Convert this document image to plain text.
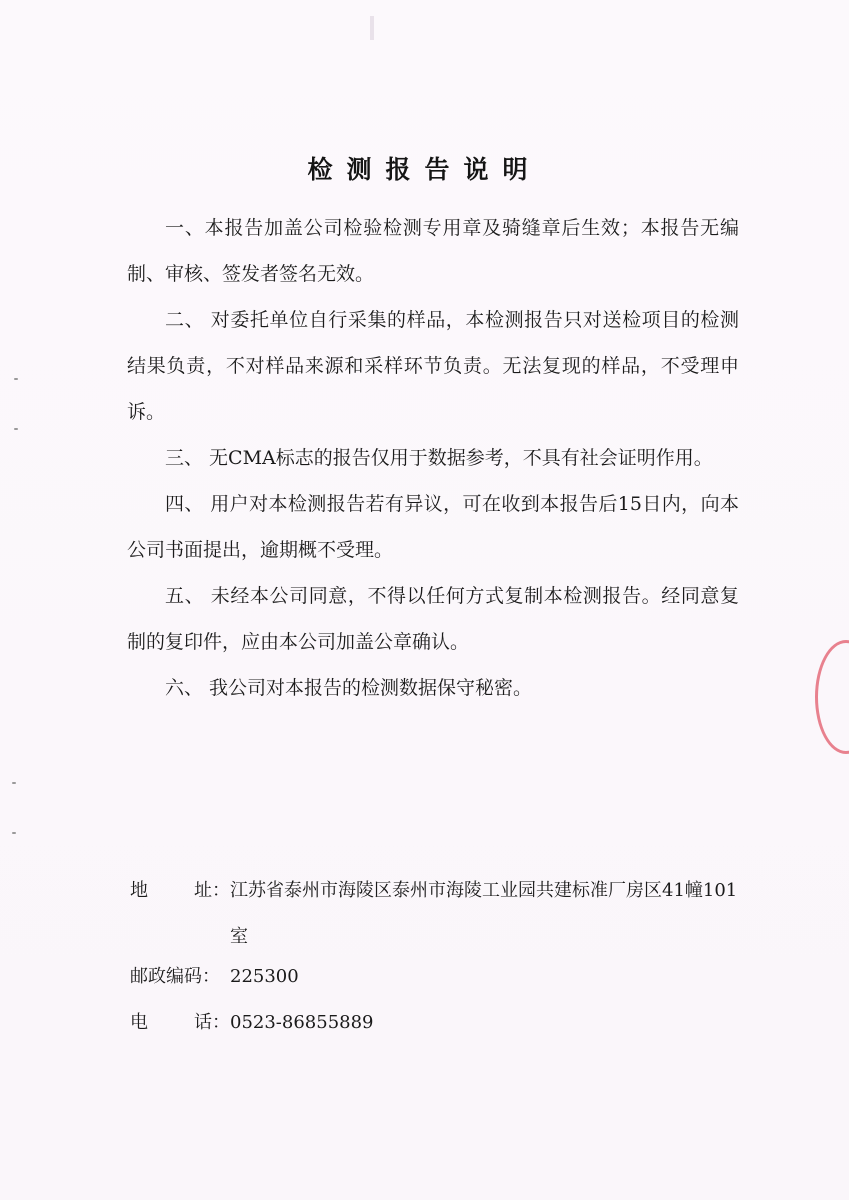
检测报告说明

一、本报告加盖公司检验检测专用章及骑缝章后生效；本报告无编制、审核、签发者签名无效。

二、 对委托单位自行采集的样品，本检测报告只对送检项目的检测结果负责，不对样品来源和采样环节负责。无法复现的样品，不受理申诉。

三、 无CMA标志的报告仅用于数据参考，不具有社会证明作用。

四、 用户对本检测报告若有异议，可在收到本报告后15日内，向本公司书面提出，逾期概不受理。

五、 未经本公司同意，不得以任何方式复制本检测报告。经同意复制的复印件，应由本公司加盖公章确认。

六、 我公司对本报告的检测数据保守秘密。

地	址： 江苏省泰州市海陵区泰州市海陵工业园共建标准厂房区41幢101室
邮政编码： 225300
电	话： 0523-86855889
